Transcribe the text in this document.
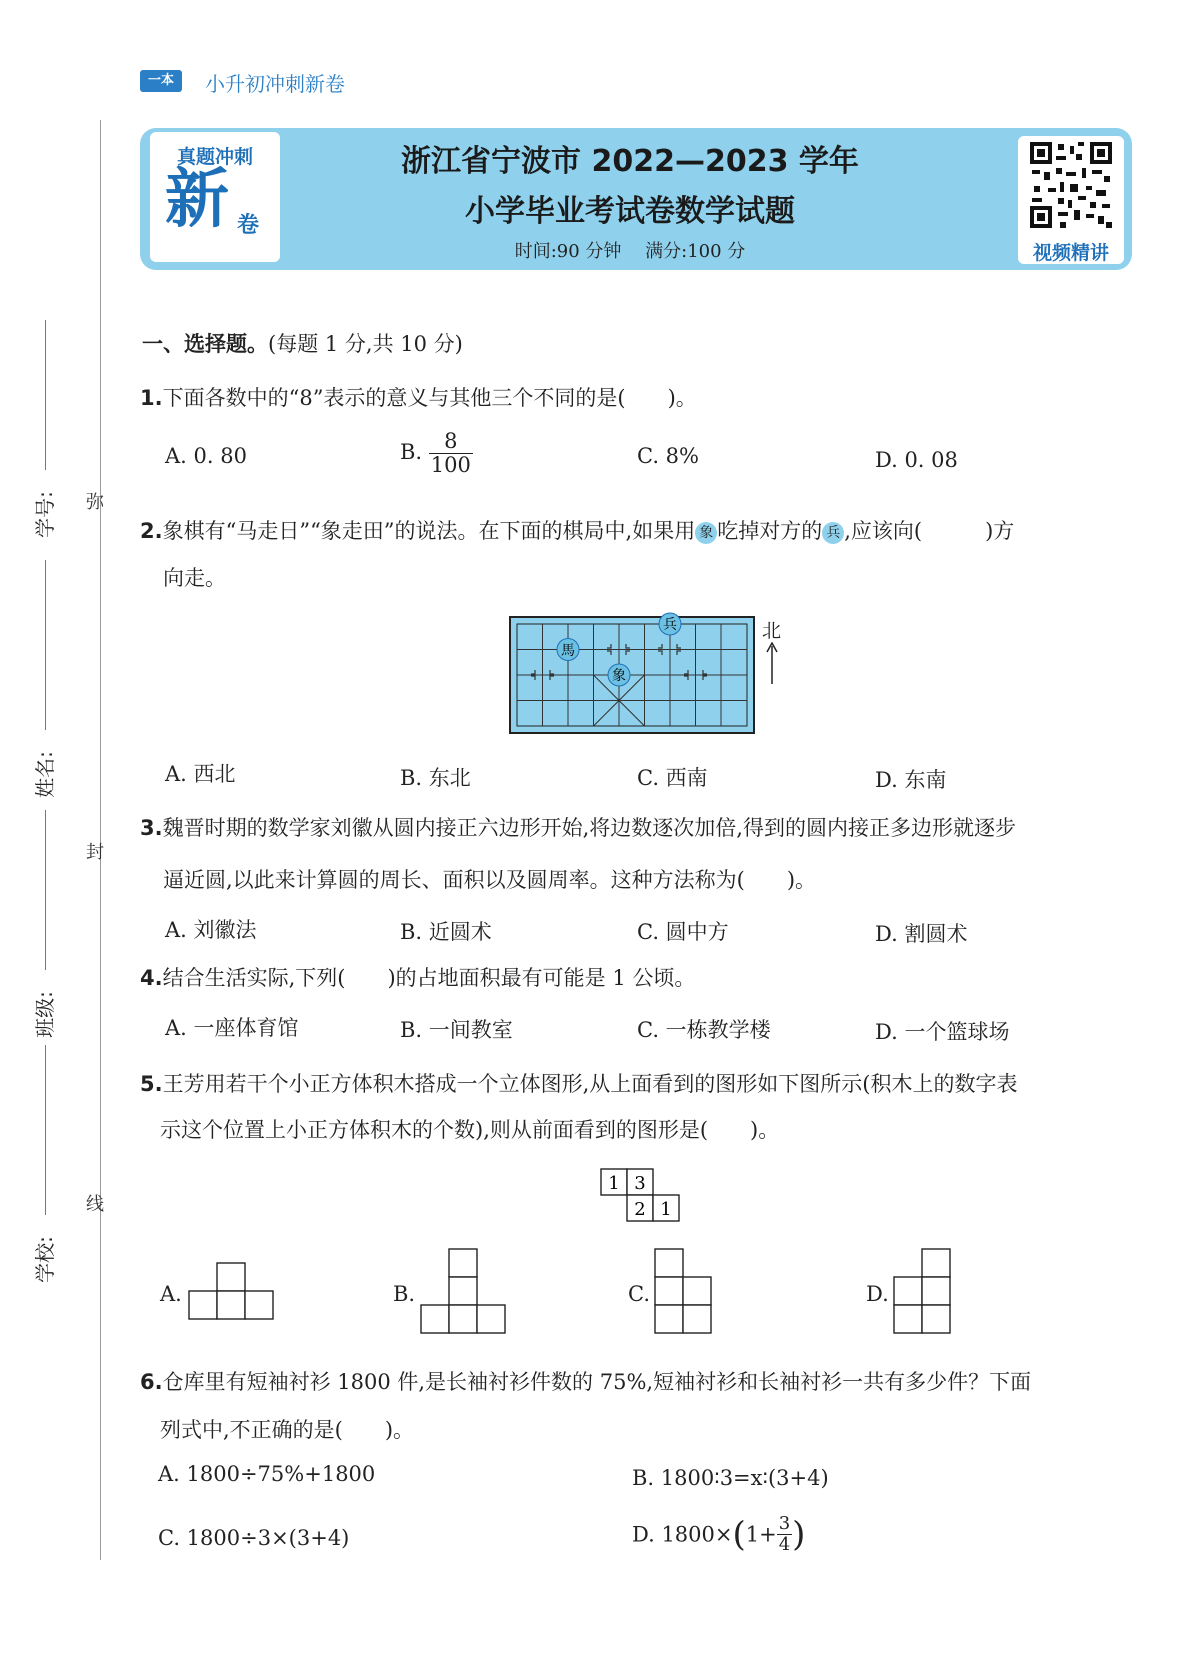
一本	小升初冲刺新卷
真题冲刺
新 卷
浙江省宁波市 2022—2023 学年
小学毕业考试卷数学试题
时间:90 分钟　 满分:100 分	视频精讲
学号:
姓名:
班级:
学校:
弥
封
线
一、选择题。(每题 1 分,共 10 分)
1.下面各数中的“8”表示的意义与其他三个不同的是(　　)。
A. 0. 80	B. $\frac{8}{100}$	C. 8%	D. 0. 08
2.象棋有“马走日”“象走田”的说法。在下面的棋局中,如果用 象 吃掉对方的 兵 ,应该向(　　　)方
向走。
馬
象
兵	北
A. 西北	B. 东北	C. 西南	D. 东南
3.魏晋时期的数学家刘徽从圆内接正六边形开始,将边数逐次加倍,得到的圆内接正多边形就逐步
逼近圆,以此来计算圆的周长、面积以及圆周率。这种方法称为(　　)。
A. 刘徽法	B. 近圆术	C. 圆中方	D. 割圆术
4.结合生活实际,下列(　　)的占地面积最有可能是 1 公顷。
A. 一座体育馆	B. 一间教室	C. 一栋教学楼	D. 一个篮球场
5.王芳用若干个小正方体积木搭成一个立体图形,从上面看到的图形如下图所示(积木上的数字表
示这个位置上小正方体积木的个数),则从前面看到的图形是(　　)。
1 3
2 1
A.	B.	C.	D.
6.仓库里有短袖衬衫 1800 件,是长袖衬衫件数的 75%,短袖衬衫和长袖衬衫一共有多少件？下面
列式中,不正确的是(　　)。
A. 1800÷75%+1800	B. 1800∶3=x∶(3+4)
C. 1800÷3×(3+4)	D. $1800\times(1+ \frac{3}{4}$ )
